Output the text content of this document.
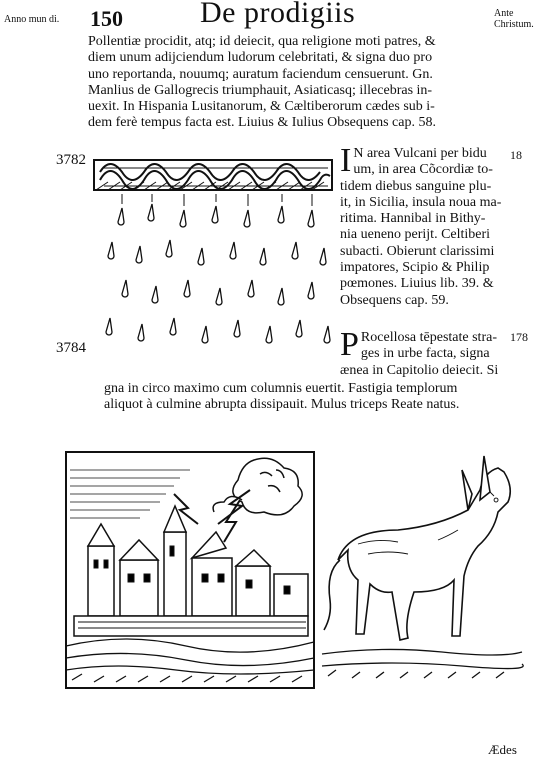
Anno mun di. 150	De prodigiis	Ante Christum.
Pollentiæ procidit, atq; id deiecit, qua religione moti patres, &
diem unum adijciendum ludorum celebritati, & signa duo pro
uno reportanda, nouumq; auratum faciendum censuerunt. Gn.
Manlius de Gallogrecis triumphauit, Asiaticasq; illecebras in-
uexit. In Hispania Lusitanorum, & Cæltiberorum cædes sub i-
dem ferè tempus facta est. Liuius & Iulius Obsequens cap. 58.
3782
3784
I N area Vulcani per bidu
um, in area Cõcordiæ to-
tidem diebus sanguine plu-
it, in Sicilia, insula noua ma-
ritima. Hannibal in Bithy-
nia ueneno perijt. Celtiberi
subacti. Obierunt clarissimi
impatores, Scipio & Philip
pœmones. Liuius lib. 39. &
Obsequens cap. 59.
18
P Rocellosa tēpestate stra-
ges in urbe facta, signa
ænea in Capitolio deiecit. Si
178
gna in circo maximo cum columnis euertit. Fastigia templorum
aliquot à culmine abrupta dissipauit. Mulus triceps Reate natus.
Ædes
